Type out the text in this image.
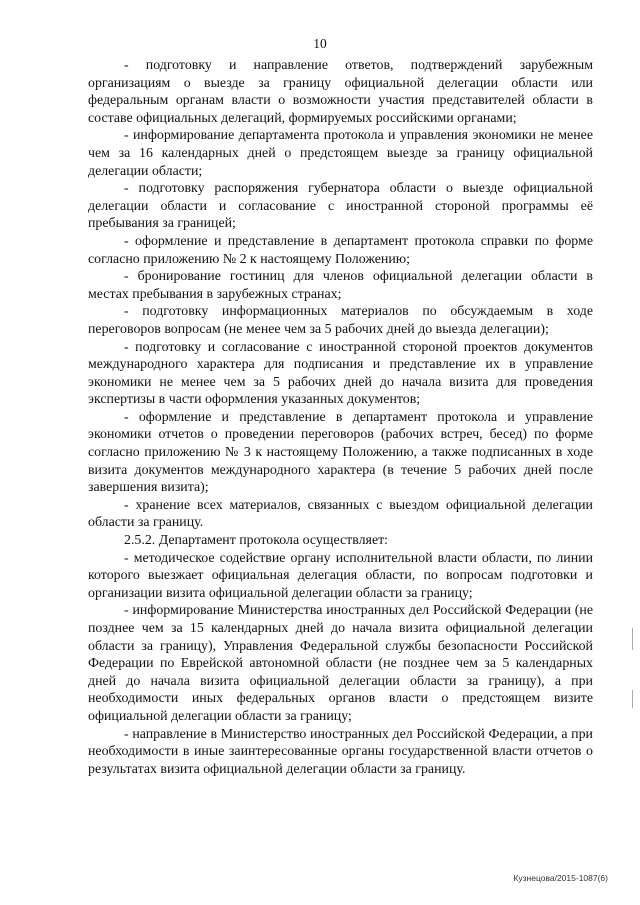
10

- подготовку и направление ответов, подтверждений зарубежным организациям о выезде за границу официальной делегации области или федеральным органам власти о возможности участия представителей области в составе официальных делегаций, формируемых российскими органами;

- информирование департамента протокола и управления экономики не менее чем за 16 календарных дней о предстоящем выезде за границу официальной делегации области;

- подготовку распоряжения губернатора области о выезде официальной делегации области и согласование с иностранной стороной программы её пребывания за границей;

- оформление и представление в департамент протокола справки по форме согласно приложению № 2 к настоящему Положению;

- бронирование гостиниц для членов официальной делегации области в местах пребывания в зарубежных странах;

- подготовку информационных материалов по обсуждаемым в ходе переговоров вопросам (не менее чем за 5 рабочих дней до выезда делегации);

- подготовку и согласование с иностранной стороной проектов документов международного характера для подписания и представление их в управление экономики не менее чем за 5 рабочих дней до начала визита для проведения экспертизы в части оформления указанных документов;

- оформление и представление в департамент протокола и управление экономики отчетов о проведении переговоров (рабочих встреч, бесед) по форме согласно приложению № 3 к настоящему Положению, а также подписанных в ходе визита документов международного характера (в течение 5 рабочих дней после завершения визита);

- хранение всех материалов, связанных с выездом официальной делегации области за границу.

2.5.2. Департамент протокола осуществляет:

- методическое содействие органу исполнительной власти области, по линии которого выезжает официальная делегация области, по вопросам подготовки и организации визита официальной делегации области за границу;

- информирование Министерства иностранных дел Российской Федерации (не позднее чем за 15 календарных дней до начала визита официальной делегации области за границу), Управления Федеральной службы безопасности Российской Федерации по Еврейской автономной области (не позднее чем за 5 календарных дней до начала визита официальной делегации области за границу), а при необходимости иных федеральных органов власти о предстоящем визите официальной делегации области за границу;

- направление в Министерство иностранных дел Российской Федерации, а при необходимости в иные заинтересованные органы государственной власти отчетов о результатах визита официальной делегации области за границу.

Кузнецова/2015-1087(6)
